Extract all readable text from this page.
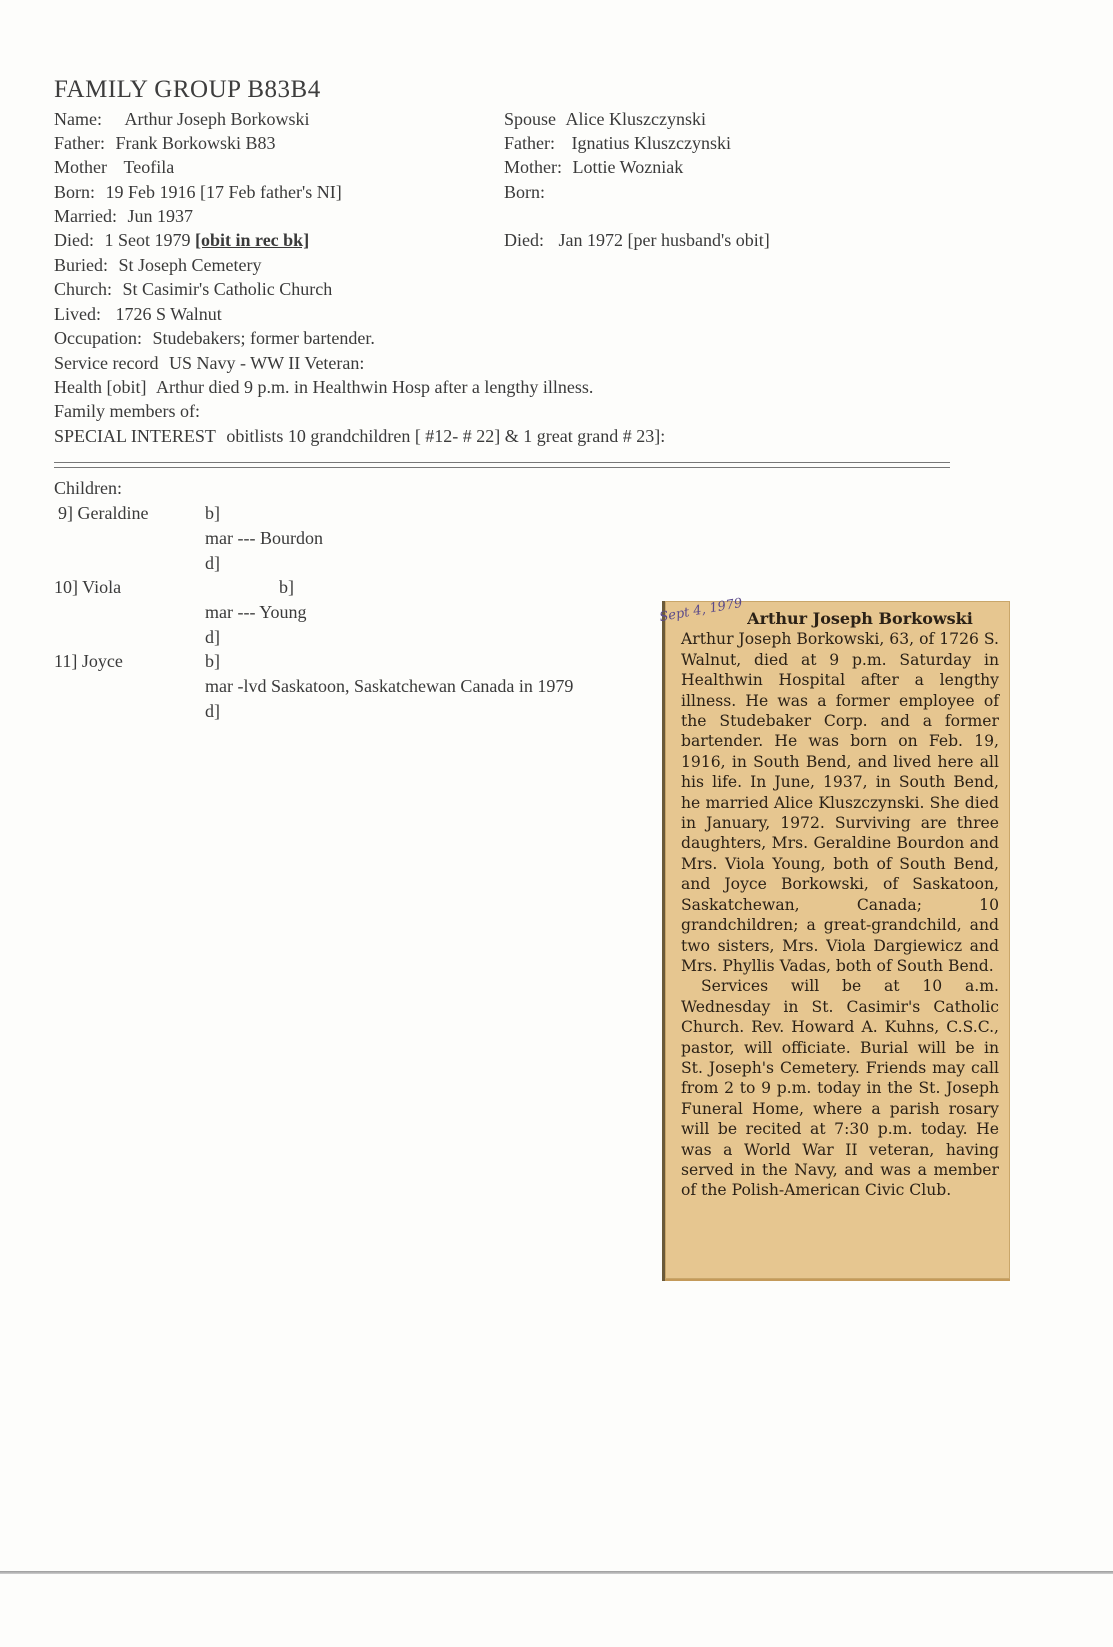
FAMILY GROUP B83B4
Name: Arthur Joseph Borkowski
Father: Frank Borkowski B83
Mother Teofila
Born: 19 Feb 1916 [17 Feb father's NI]
Married: Jun 1937
Died: 1 Seot 1979 [obit in rec bk]
Buried: St Joseph Cemetery
Church: St Casimir's Catholic Church
Lived: 1726 S Walnut
Occupation: Studebakers; former bartender.
Service record US Navy - WW II Veteran:
Health [obit] Arthur died 9 p.m. in Healthwin Hosp after a lengthy illness.
Family members of:
SPECIAL INTEREST obitlists 10 grandchildren [ #12- # 22] & 1 great grand # 23]:
Spouse Alice Kluszczynski
Father: Ignatius Kluszczynski
Mother: Lottie Wozniak
Born:
Died: Jan 1972 [per husband's obit]
Children:
9] Geraldine	b]
mar --- Bourdon
d]
10] Viola	b]
mar --- Young
d]
11] Joyce	b]
mar -lvd Saskatoon, Saskatchewan Canada in 1979
d]
Sept 4, 1979 Arthur Joseph Borkowski

Arthur Joseph Borkowski, 63, of 1726 S. Walnut, died at 9 p.m. Saturday in Healthwin Hospital after a lengthy illness. He was a former employee of the Studebaker Corp. and a former bartender. He was born on Feb. 19, 1916, in South Bend, and lived here all his life. In June, 1937, in South Bend, he married Alice Kluszczynski. She died in January, 1972. Surviving are three daughters, Mrs. Geraldine Bourdon and Mrs. Viola Young, both of South Bend, and Joyce Borkowski, of Saskatoon, Saskatchewan, Canada; 10 grandchildren; a great-grandchild, and two sisters, Mrs. Viola Dargiewicz and Mrs. Phyllis Vadas, both of South Bend.

Services will be at 10 a.m. Wednesday in St. Casimir's Catholic Church. Rev. Howard A. Kuhns, C.S.C., pastor, will officiate. Burial will be in St. Joseph's Cemetery. Friends may call from 2 to 9 p.m. today in the St. Joseph Funeral Home, where a parish rosary will be recited at 7:30 p.m. today. He was a World War II veteran, having served in the Navy, and was a member of the Polish-American Civic Club.
